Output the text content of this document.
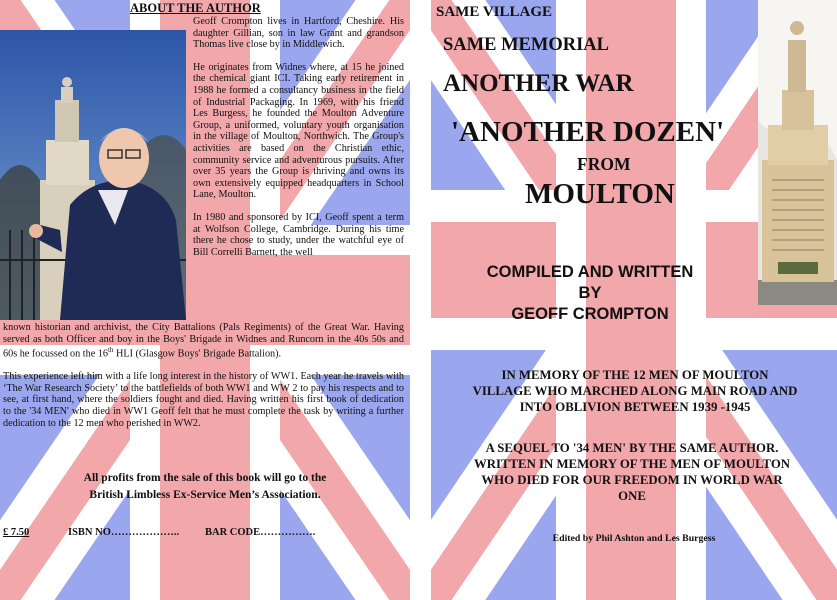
ABOUT THE AUTHOR

Geoff Crompton lives in Hartford, Cheshire. His daughter Gillian, son in law Grant and grandson Thomas live close by in Middlewich.

He originates from Widnes where, at 15 he joined the chemical giant ICI. Taking early retirement in 1988 he formed a consultancy business in the field of Industrial Packaging. In 1969, with his friend Les Burgess, he founded the Moulton Adventure Group, a uniformed, voluntary youth organisation in the village of Moulton, Northwich. The Group's activities are based on the Christian ethic, community service and adventurous pursuits. After over 35 years the Group is thriving and owns its own extensively equipped headquarters in School Lane, Moulton.

In 1980 and sponsored by ICI, Geoff spent a term at Wolfson College, Cambridge. During his time there he chose to study, under the watchful eye of Bill Correlli Barnett, the well

known historian and archivist, the City Battalions (Pals Regiments) of the Great War. Having served as both Officer and boy in the Boys' Brigade in Widnes and Runcorn in the 40s 50s and 60s he focussed on the 16th HLI (Glasgow Boys' Brigade Battalion).

This experience left him with a life long interest in the history of WW1. Each year he travels with ‘The War Research Society’ to the battlefields of both WW1 and WW 2 to pay his respects and to see, at first hand, where the soldiers fought and died. Having written his first book of dedication to the '34 MEN' who died in WW1 Geoff felt that he must complete the task by writing a further dedication to the 12 men who perished in WW2.

All profits from the sale of this book will go to the
British Limbless Ex-Service Men’s Association.
£ 7.50	ISBN NO……………….. BAR CODE…………….
SAME VILLAGE
SAME MEMORIAL
ANOTHER WAR
'ANOTHER DOZEN'
FROM
MOULTON
COMPILED AND WRITTEN
BY
GEOFF CROMPTON
IN MEMORY OF THE 12 MEN OF MOULTON
VILLAGE WHO MARCHED ALONG MAIN ROAD AND
INTO OBLIVION BETWEEN 1939 -1945
A SEQUEL TO '34 MEN' BY THE SAME AUTHOR.
WRITTEN IN MEMORY OF THE MEN OF MOULTON
WHO DIED FOR OUR FREEDOM IN WORLD WAR
ONE
Edited by Phil Ashton and Les Burgess
